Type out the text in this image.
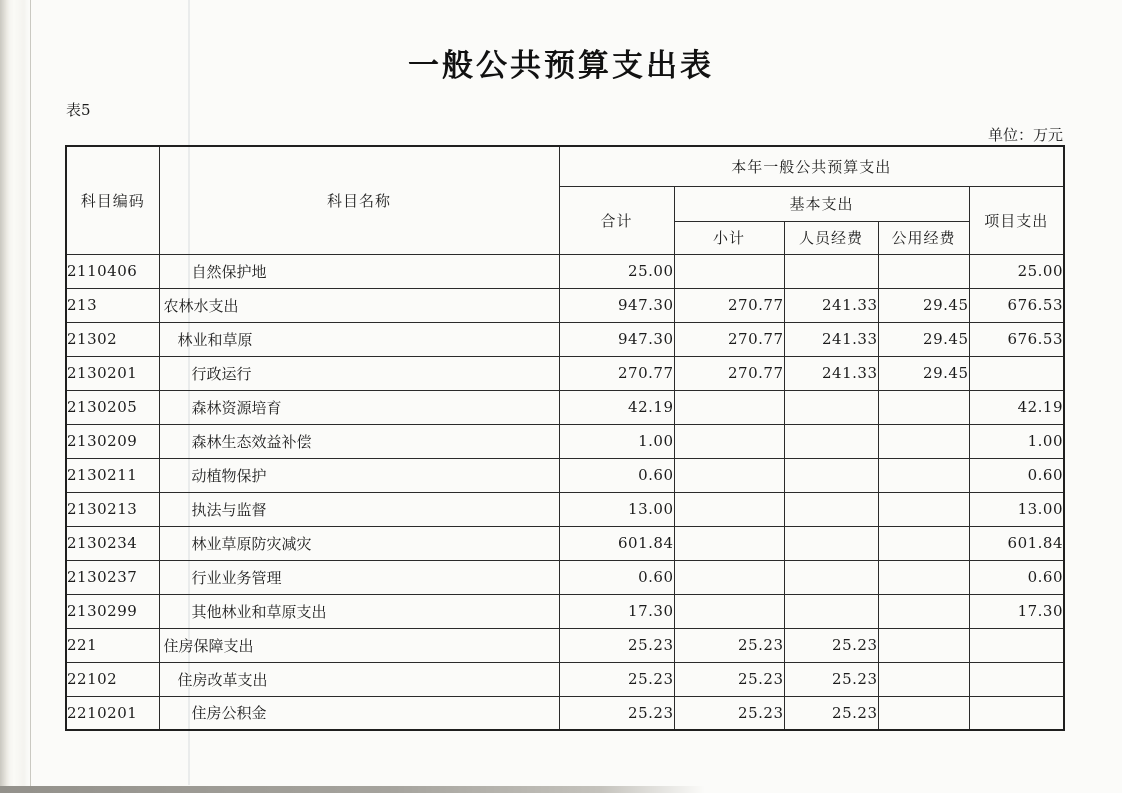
一般公共预算支出表
表5
单位：万元
科目编码	科目名称	本年一般公共预算支出				
		合计	基本支出			项目支出
			小计	人员经费	公用经费	
2110406	自然保护地	25.00				25.00
213	农林水支出	947.30	270.77	241.33	29.45	676.53
21302	林业和草原	947.30	270.77	241.33	29.45	676.53
2130201	行政运行	270.77	270.77	241.33	29.45	
2130205	森林资源培育	42.19				42.19
2130209	森林生态效益补偿	1.00				1.00
2130211	动植物保护	0.60				0.60
2130213	执法与监督	13.00				13.00
2130234	林业草原防灾减灾	601.84				601.84
2130237	行业业务管理	0.60				0.60
2130299	其他林业和草原支出	17.30				17.30
221	住房保障支出	25.23	25.23	25.23		
22102	住房改革支出	25.23	25.23	25.23		
2210201	住房公积金	25.23	25.23	25.23		
